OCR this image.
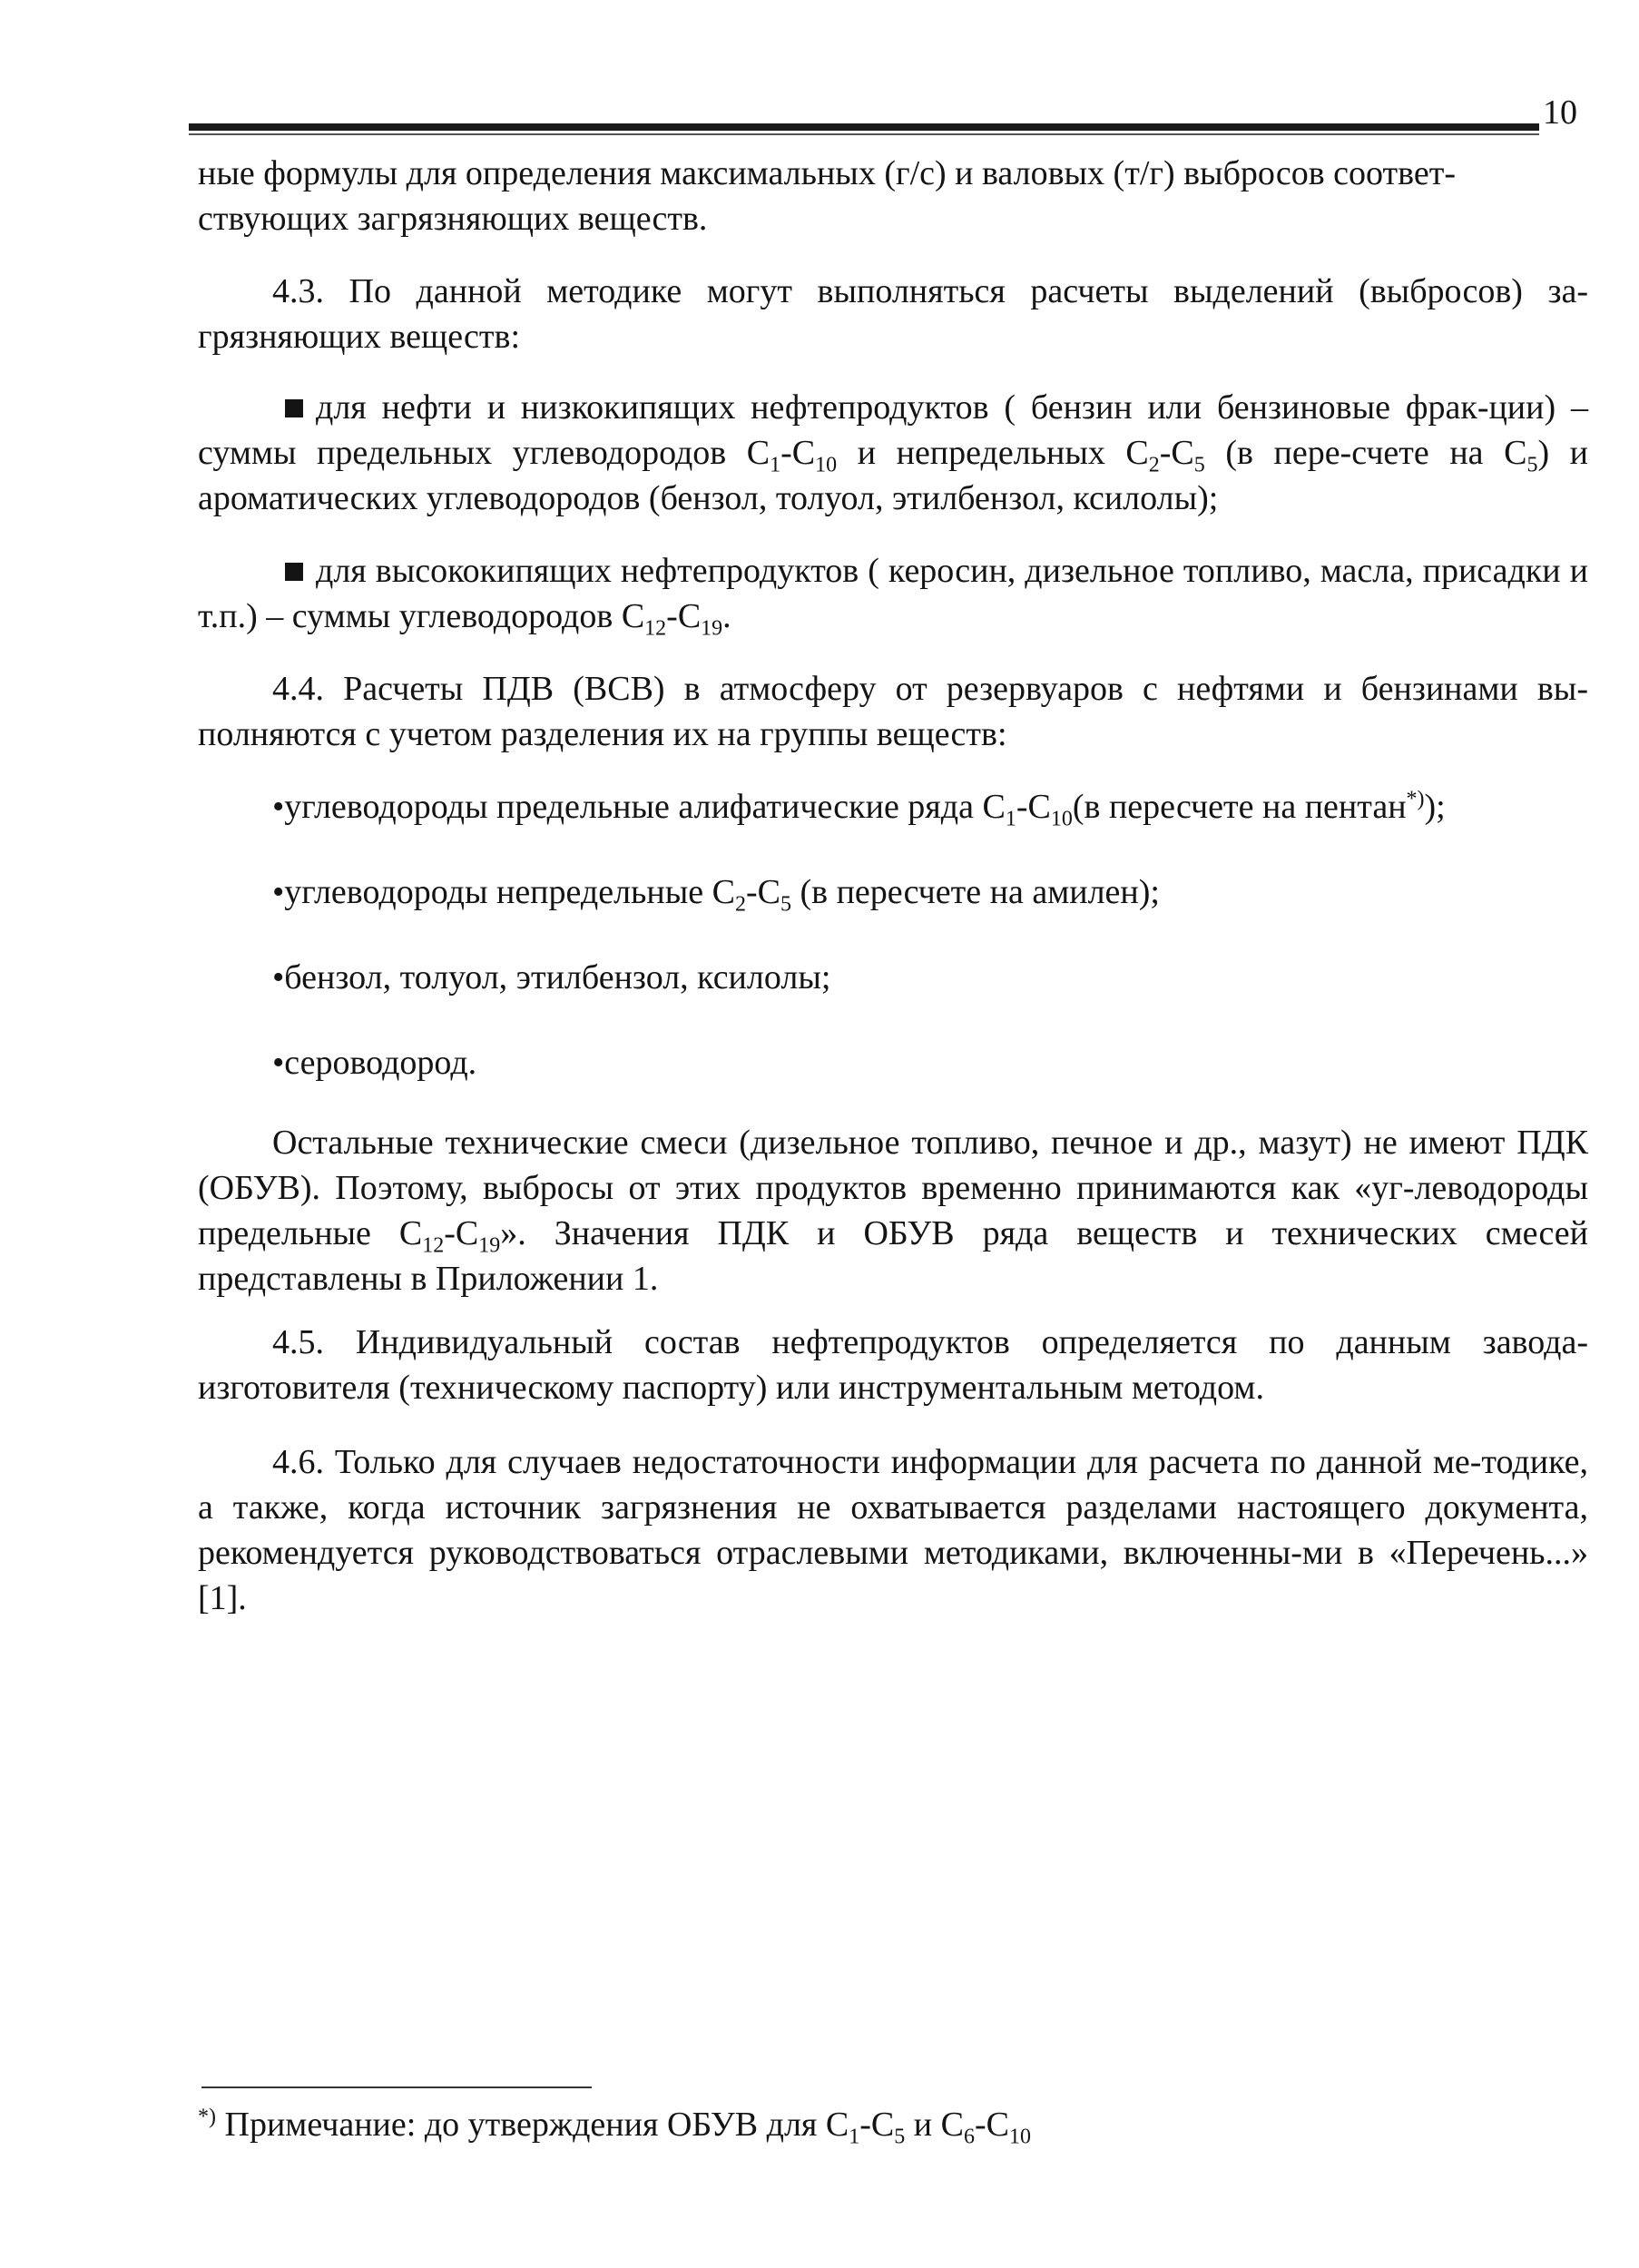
10
ные формулы для определения максимальных (г/с) и валовых (т/г) выбросов соответ-
ствующих загрязняющих веществ.
4.3. По данной методике могут выполняться расчеты выделений (выбросов) за-грязняющих веществ:
для нефти и низкокипящих нефтепродуктов ( бензин или бензиновые фрак-ции) – суммы предельных углеводородов $C_1-C_{10}$ и непредельных $C_2-C_5$ (в пере-счете на $C_5$) и ароматических углеводородов (бензол, толуол, этилбензол, ксилолы);
для высококипящих нефтепродуктов ( керосин, дизельное топливо, масла, присадки и т.п.) – суммы углеводородов $C_{12}-C_{19}$.
4.4. Расчеты ПДВ (ВСВ) в атмосферу от резервуаров с нефтями и бензинами вы-полняются с учетом разделения их на группы веществ:
•углеводороды предельные алифатические ряда $C_1-C_{10}(в$ пересчете на пентан*));
•углеводороды непредельные $C_2-C_5$ (в пересчете на амилен);
•бензол, толуол, этилбензол, ксилолы;
•сероводород.
Остальные технические смеси (дизельное топливо, печное и др., мазут) не имеют ПДК (ОБУВ). Поэтому, выбросы от этих продуктов временно принимаются как «уг-леводороды предельные $C_{12}-C_{19}$». Значения ПДК и ОБУВ ряда веществ и технических смесей представлены в Приложении 1.
4.5. Индивидуальный состав нефтепродуктов определяется по данным завода-изготовителя (техническому паспорту) или инструментальным методом.
4.6. Только для случаев недостаточности информации для расчета по данной ме-тодике, а также, когда источник загрязнения не охватывается разделами настоящего документа, рекомендуется руководствоваться отраслевыми методиками, включенны-ми в «Перечень...» [1].
*) Примечание: до утверждения ОБУВ для $C_1-C_5$ и $C_6-C_{10}$
